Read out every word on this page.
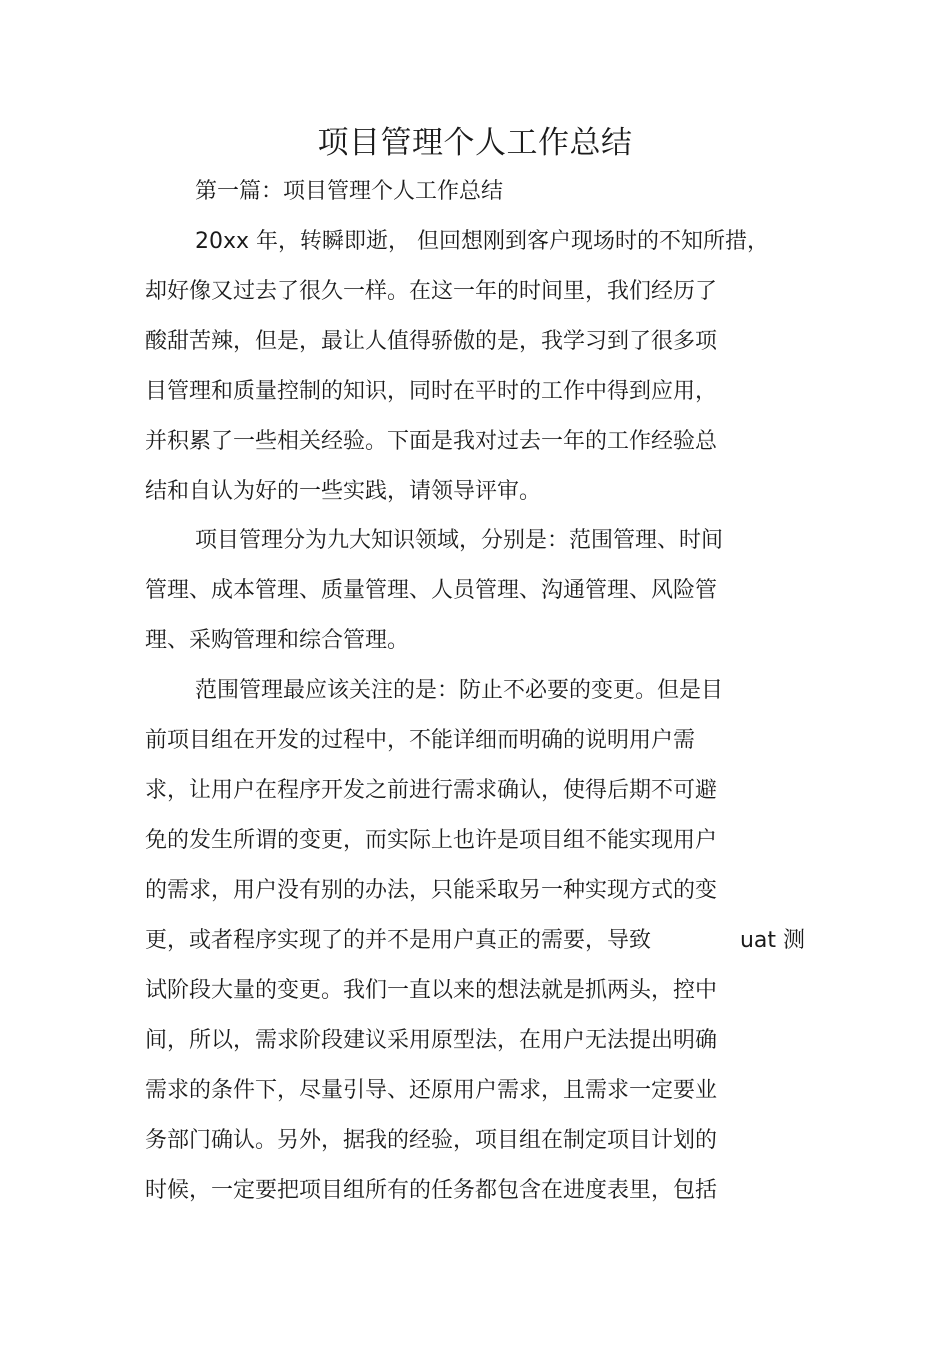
项目管理个人工作总结

第一篇：项目管理个人工作总结

20xx 年，转瞬即逝， 但回想刚到客户现场时的不知所措，

却好像又过去了很久一样。在这一年的时间里，我们经历了

酸甜苦辣，但是，最让人值得骄傲的是，我学习到了很多项

目管理和质量控制的知识，同时在平时的工作中得到应用，

并积累了一些相关经验。下面是我对过去一年的工作经验总

结和自认为好的一些实践，请领导评审。

项目管理分为九大知识领域，分别是：范围管理、时间

管理、成本管理、质量管理、人员管理、沟通管理、风险管

理、采购管理和综合管理。

范围管理最应该关注的是：防止不必要的变更。但是目

前项目组在开发的过程中，不能详细而明确的说明用户需

求，让用户在程序开发之前进行需求确认，使得后期不可避

免的发生所谓的变更，而实际上也许是项目组不能实现用户

的需求，用户没有别的办法，只能采取另一种实现方式的变

更，或者程序实现了的并不是用户真正的需要，导致	uat 测

试阶段大量的变更。我们一直以来的想法就是抓两头，控中

间，所以，需求阶段建议采用原型法，在用户无法提出明确

需求的条件下，尽量引导、还原用户需求，且需求一定要业

务部门确认。另外，据我的经验，项目组在制定项目计划的

时候，一定要把项目组所有的任务都包含在进度表里，包括
